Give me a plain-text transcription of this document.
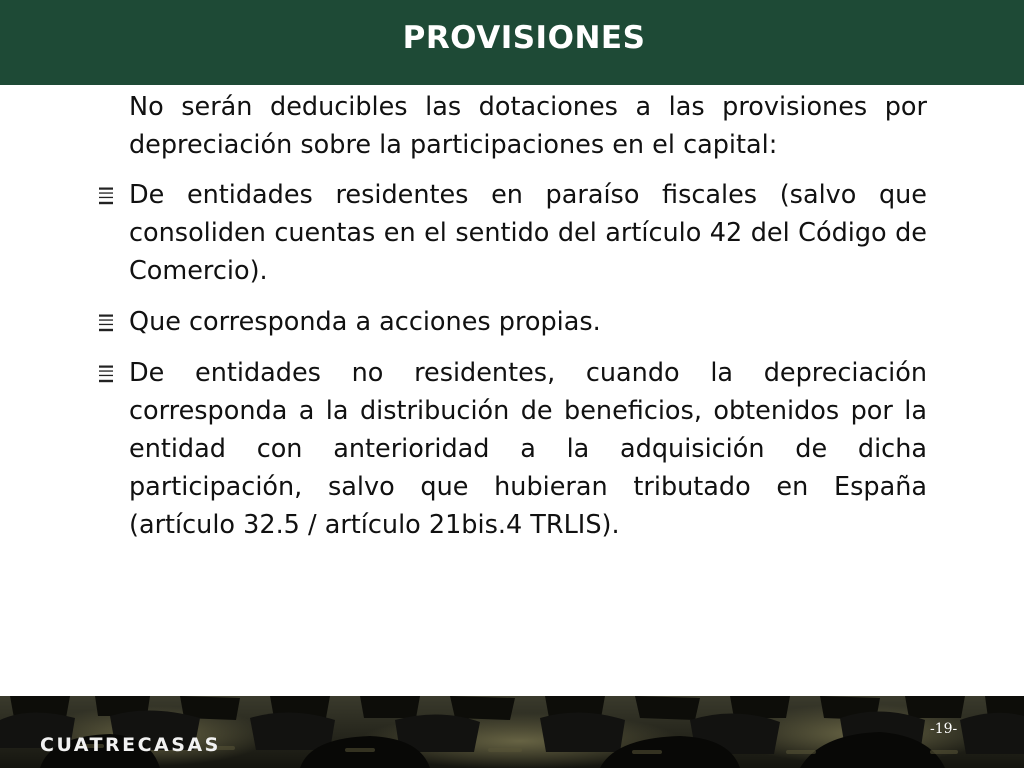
PROVISIONES
No serán deducibles las dotaciones a las provisiones por depreciación sobre la participaciones en el capital:
De entidades residentes en paraíso fiscales (salvo que consoliden cuentas en el sentido del artículo 42 del Código de Comercio).
Que corresponda a acciones propias.
De entidades no residentes, cuando la depreciación corresponda a la distribución de beneficios, obtenidos por la entidad con anterioridad a la adquisición de dicha participación, salvo que hubieran tributado en España (artículo 32.5 / artículo 21bis.4 TRLIS).
CUATRECASAS
-19-
